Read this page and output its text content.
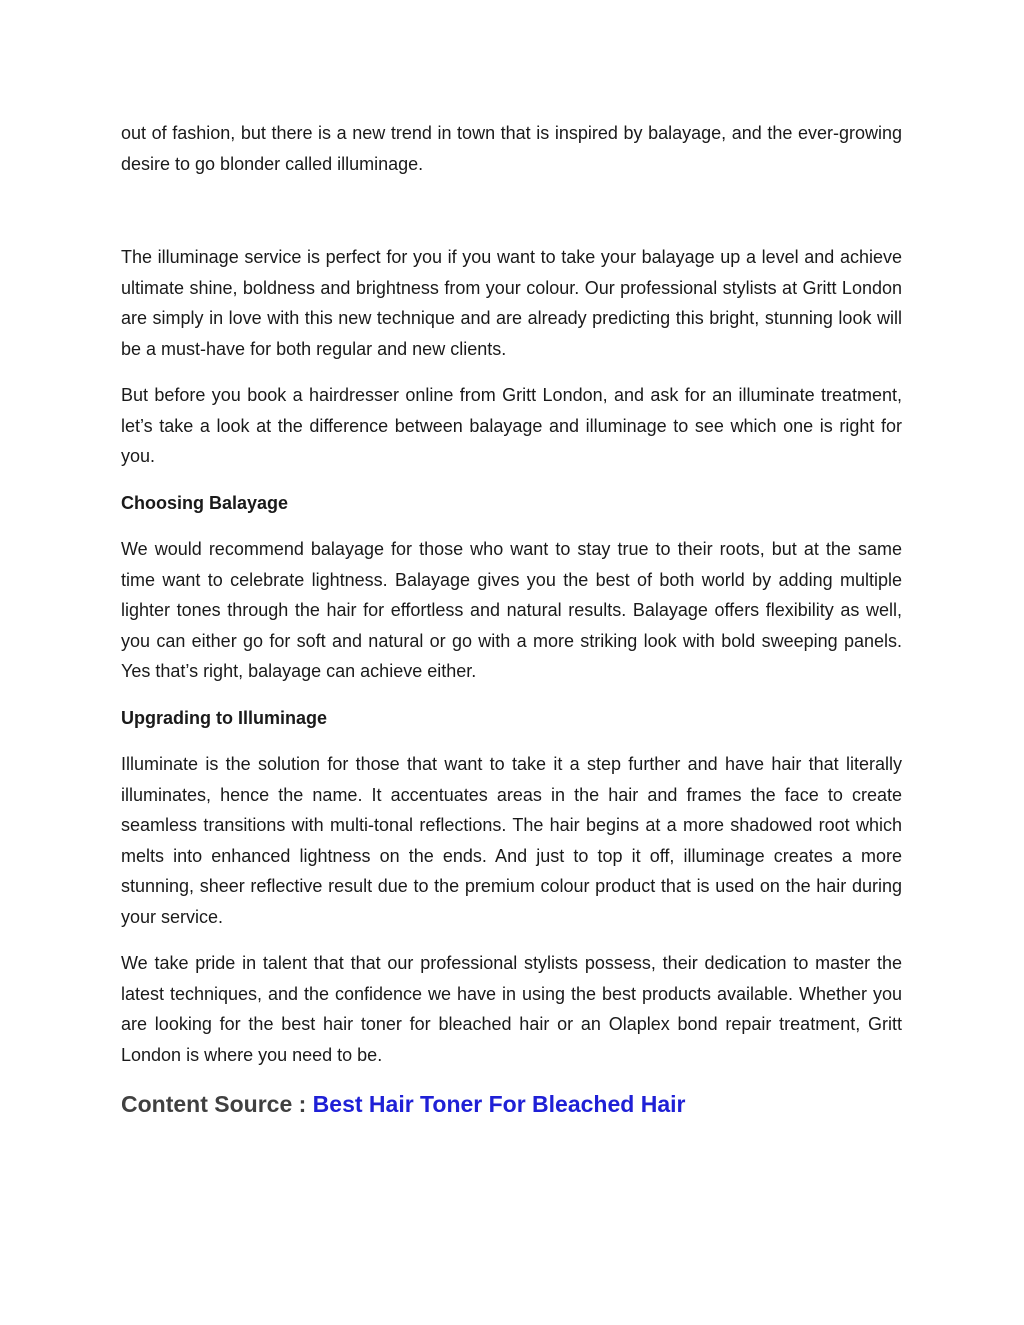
out of fashion, but there is a new trend in town that is inspired by balayage, and the ever-growing desire to go blonder called illuminage.

The illuminage service is perfect for you if you want to take your balayage up a level and achieve ultimate shine, boldness and brightness from your colour. Our professional stylists at Gritt London are simply in love with this new technique and are already predicting this bright, stunning look will be a must-have for both regular and new clients.

But before you book a hairdresser online from Gritt London, and ask for an illuminate treatment, let’s take a look at the difference between balayage and illuminage to see which one is right for you.

Choosing Balayage

We would recommend balayage for those who want to stay true to their roots, but at the same time want to celebrate lightness. Balayage gives you the best of both world by adding multiple lighter tones through the hair for effortless and natural results. Balayage offers flexibility as well, you can either go for soft and natural or go with a more striking look with bold sweeping panels. Yes that’s right, balayage can achieve either.

Upgrading to Illuminage

Illuminate is the solution for those that want to take it a step further and have hair that literally illuminates, hence the name. It accentuates areas in the hair and frames the face to create seamless transitions with multi-tonal reflections. The hair begins at a more shadowed root which melts into enhanced lightness on the ends. And just to top it off, illuminage creates a more stunning, sheer reflective result due to the premium colour product that is used on the hair during your service.

We take pride in talent that that our professional stylists possess, their dedication to master the latest techniques, and the confidence we have in using the best products available. Whether you are looking for the best hair toner for bleached hair or an Olaplex bond repair treatment, Gritt London is where you need to be.

Content Source : Best Hair Toner For Bleached Hair
